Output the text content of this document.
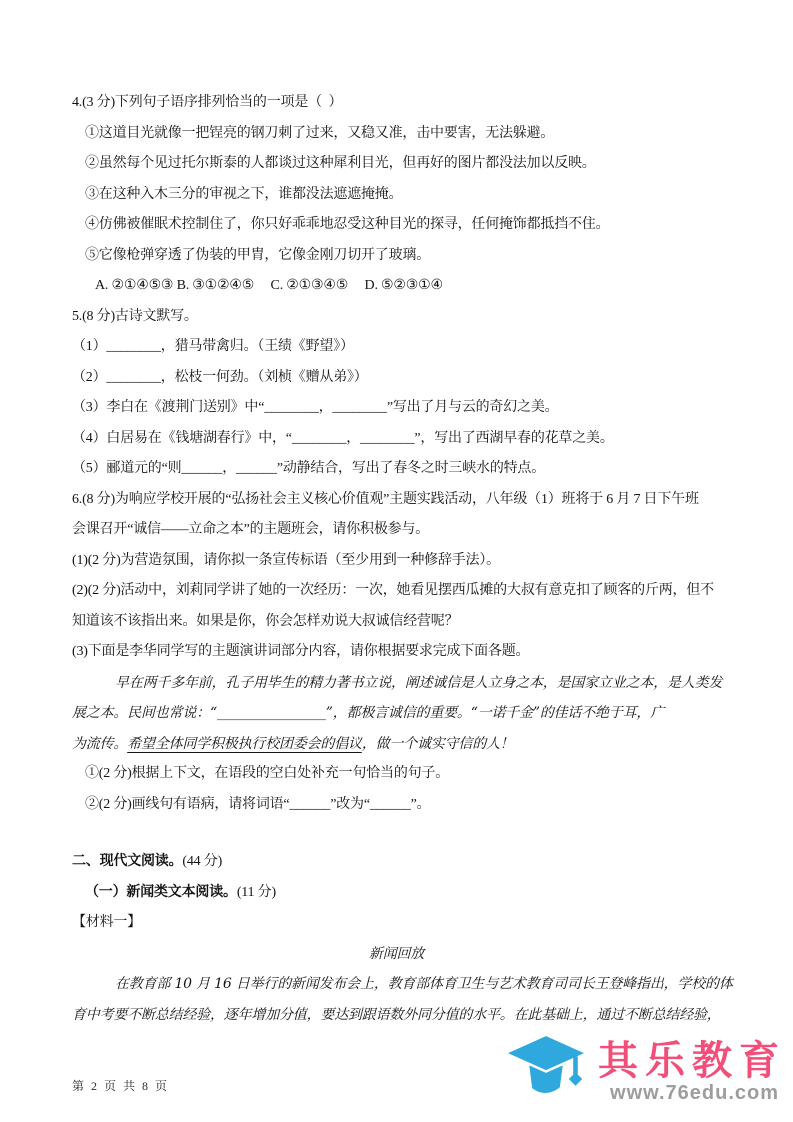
4.(3 分)下列句子语序排列恰当的一项是（  ）
①这道目光就像一把锃亮的钢刀刺了过来，又稳又准，击中要害，无法躲避。
②虽然每个见过托尔斯泰的人都谈过这种犀利目光，但再好的图片都没法加以反映。
③在这种入木三分的审视之下，谁都没法遮遮掩掩。
④仿佛被催眠术控制住了，你只好乖乖地忍受这种目光的探寻，任何掩饰都抵挡不住。
⑤它像枪弹穿透了伪装的甲胄，它像金刚刀切开了玻璃。
A. ②①④⑤③ B. ③①②④⑤     C. ②①③④⑤     D. ⑤②③①④
5.(8 分)古诗文默写。
（1）________，猎马带禽归。（王绩《野望》）
（2）________，松枝一何劲。（刘桢《赠从弟》）
（3）李白在《渡荆门送别》中“________，________”写出了月与云的奇幻之美。
（4）白居易在《钱塘湖春行》中，“________，________”，写出了西湖早春的花草之美。
（5）郦道元的“则______，______”动静结合，写出了春冬之时三峡水的特点。
6.(8 分)为响应学校开展的“弘扬社会主义核心价值观”主题实践活动，八年级（1）班将于 6 月 7 日下午班
会课召开“诚信——立命之本”的主题班会，请你积极参与。
(1)(2 分)为营造氛围，请你拟一条宣传标语（至少用到一种修辞手法）。
(2)(2 分)活动中，刘莉同学讲了她的一次经历：一次，她看见摆西瓜摊的大叔有意克扣了顾客的斤两，但不
知道该不该指出来。如果是你，你会怎样劝说大叔诚信经营呢？
(3)下面是李华同学写的主题演讲词部分内容，请你根据要求完成下面各题。
早在两千多年前，孔子用毕生的精力著书立说，阐述诚信是人立身之本，是国家立业之本，是人类发
展之本。民间也常说：“________________”，都极言诚信的重要。“一诺千金”的佳话不绝于耳，广
为流传。希望全体同学积极执行校团委会的倡议，做一个诚实守信的人！
①(2 分)根据上下文，在语段的空白处补充一句恰当的句子。
②(2 分)画线句有语病，请将词语“______”改为“______”。
二、现代文阅读。(44 分)
（一）新闻类文本阅读。(11 分)
【材料一】
新闻回放
在教育部 10 月 16 日举行的新闻发布会上，教育部体育卫生与艺术教育司司长王登峰指出，学校的体
育中考要不断总结经验，逐年增加分值，要达到跟语数外同分值的水平。在此基础上，通过不断总结经验，
第 2 页 共 8 页
其乐教育
www.76edu.com
